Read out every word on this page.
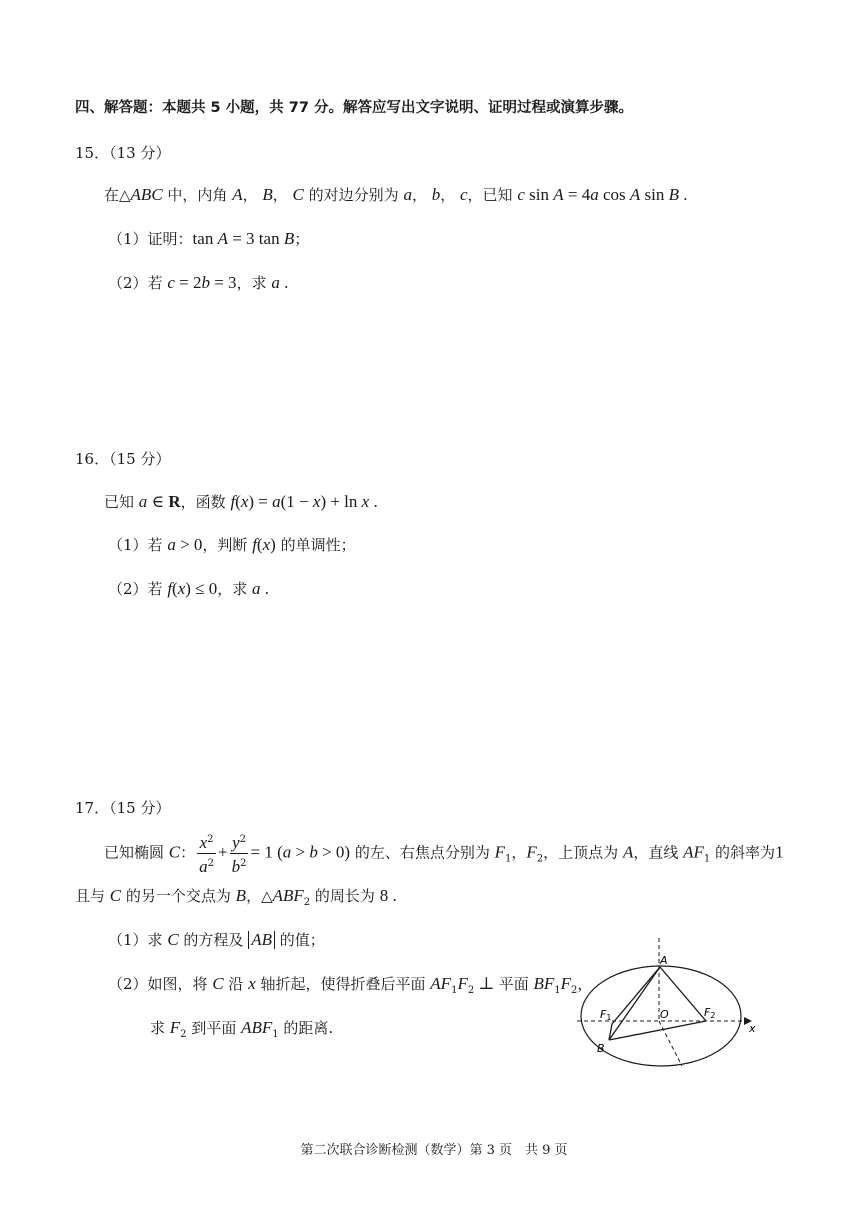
四、解答题：本题共 5 小题，共 77 分。解答应写出文字说明、证明过程或演算步骤。
15．（13 分）
在△ABC 中，内角 A， B， C 的对边分别为 a， b， c，已知 c sin A = 4a cos A sin B .
（1）证明：tan A = 3 tan B；
（2）若 c = 2b = 3，求 a .
16．（15 分）
已知 a ∈ R，函数 f(x) = a(1 − x) + ln x .
（1）若 a > 0，判断 f(x) 的单调性；
（2）若 f(x) ≤ 0，求 a .
17．（15 分）
已知椭圆 C： $\frac{x^2}{a^2} + \frac{y^2}{b^2} = 1$ (a > b > 0) 的左、右焦点分别为 $F_1$，$F_2$，上顶点为 A，直线 $AF_1$ 的斜率为1
且与 C 的另一个交点为 B，$\triangle ABF_2$ 的周长为 8 .
（1）求 C 的方程及 AB 的值；
（2）如图，将 C 沿 x 轴折起，使得折叠后平面 $AF_1F_2$ ⊥ 平面 $BF_1F_2$，
求 $F_2$ 到平面 $ABF_1$ 的距离.
A
B
F1	F2
O
x
第二次联合诊断检测（数学）第 3 页　共 9 页
